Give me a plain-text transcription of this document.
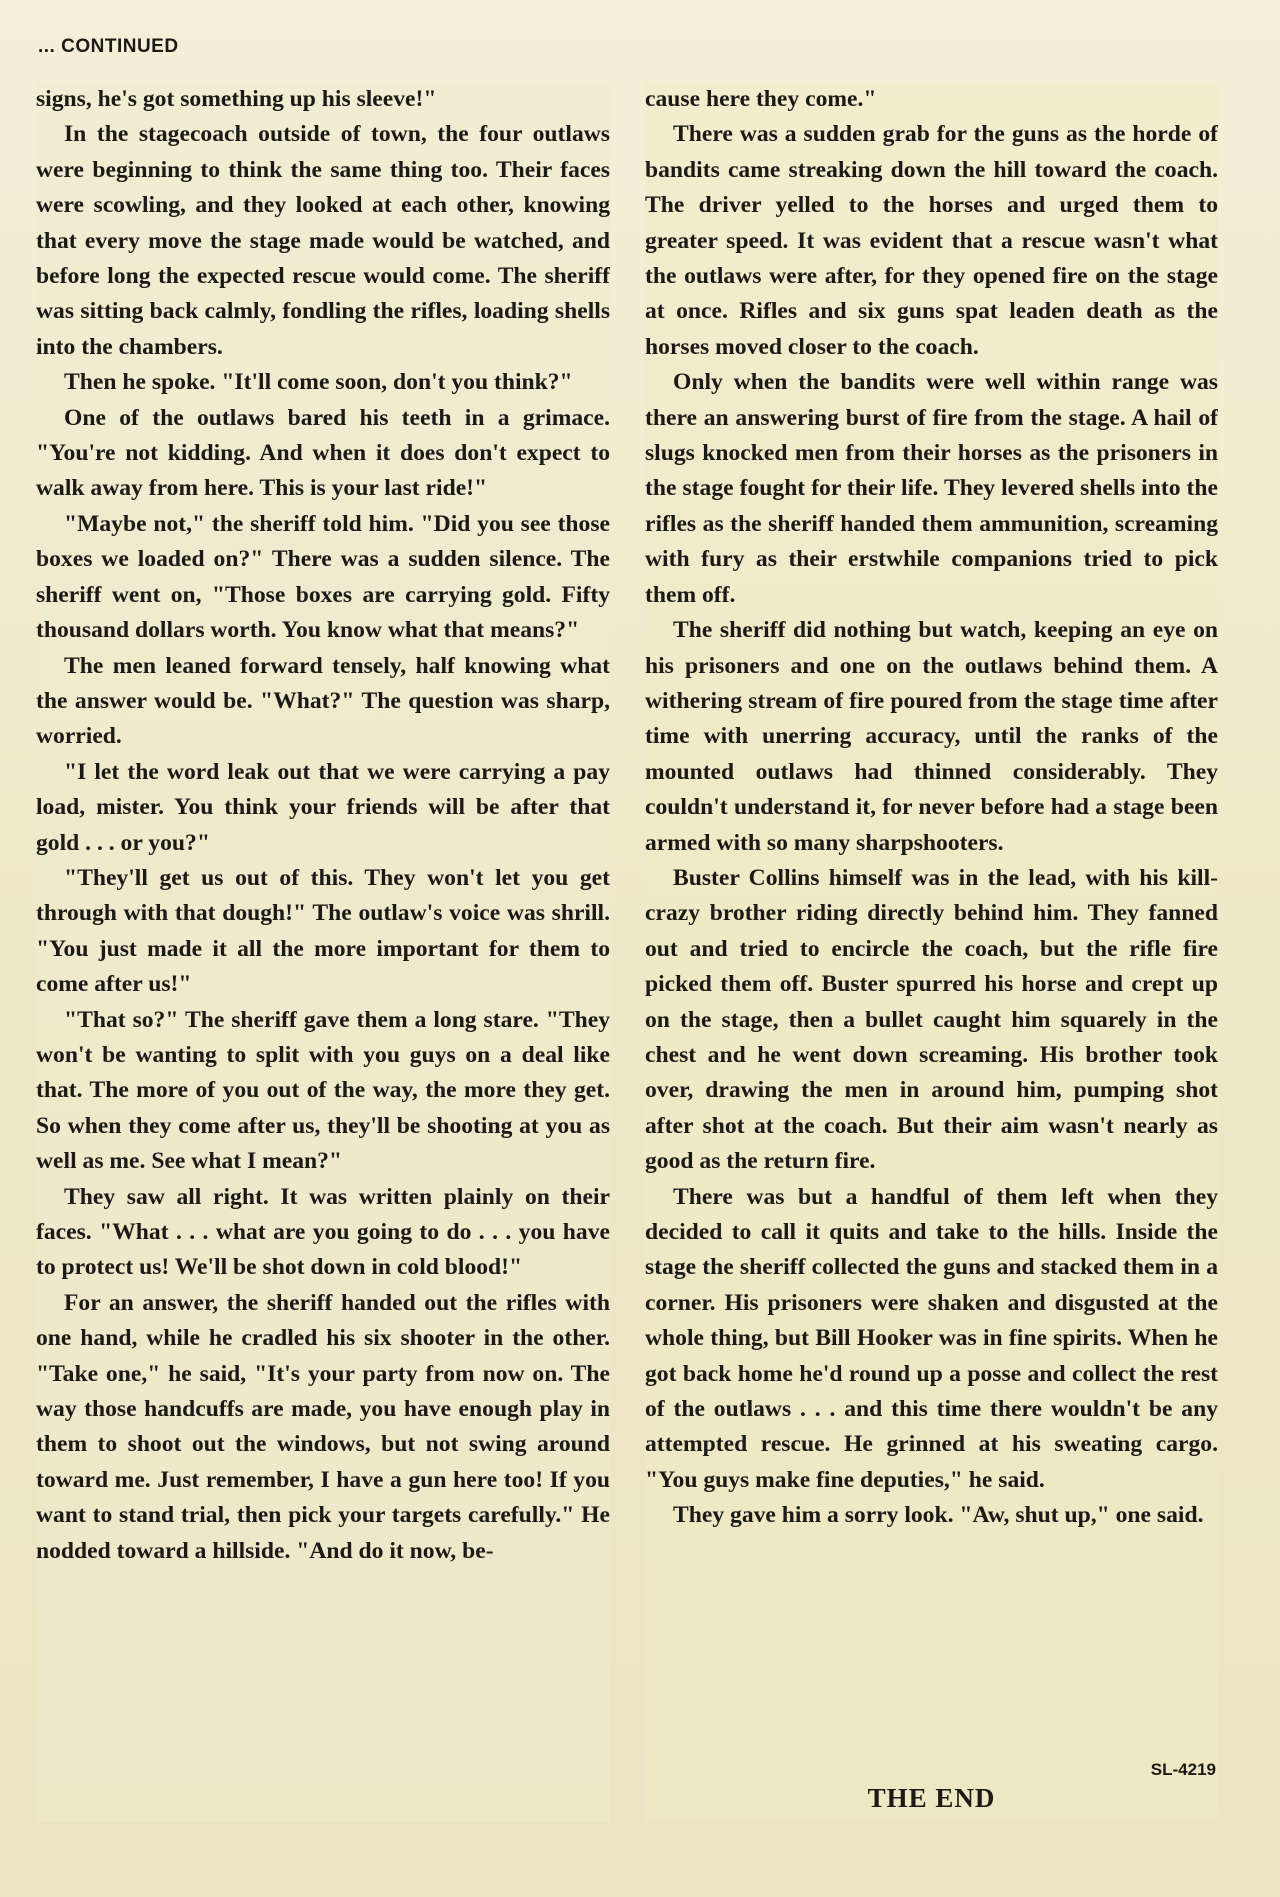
... CONTINUED

signs, he's got something up his sleeve!"

In the stagecoach outside of town, the four outlaws were beginning to think the same thing too. Their faces were scowling, and they looked at each other, knowing that every move the stage made would be watched, and before long the expected rescue would come. The sheriff was sitting back calmly, fondling the rifles, loading shells into the chambers.

Then he spoke. "It'll come soon, don't you think?"

One of the outlaws bared his teeth in a grimace. "You're not kidding. And when it does don't expect to walk away from here. This is your last ride!"

"Maybe not," the sheriff told him. "Did you see those boxes we loaded on?" There was a sudden silence. The sheriff went on, "Those boxes are carrying gold. Fifty thousand dollars worth. You know what that means?"

The men leaned forward tensely, half knowing what the answer would be. "What?" The question was sharp, worried.

"I let the word leak out that we were carrying a pay load, mister. You think your friends will be after that gold . . . or you?"

"They'll get us out of this. They won't let you get through with that dough!" The outlaw's voice was shrill. "You just made it all the more important for them to come after us!"

"That so?" The sheriff gave them a long stare. "They won't be wanting to split with you guys on a deal like that. The more of you out of the way, the more they get. So when they come after us, they'll be shooting at you as well as me. See what I mean?"

They saw all right. It was written plainly on their faces. "What . . . what are you going to do . . . you have to protect us! We'll be shot down in cold blood!"

For an answer, the sheriff handed out the rifles with one hand, while he cradled his six shooter in the other. "Take one," he said, "It's your party from now on. The way those handcuffs are made, you have enough play in them to shoot out the windows, but not swing around toward me. Just remember, I have a gun here too! If you want to stand trial, then pick your targets carefully." He nodded toward a hillside. "And do it now, be-

cause here they come."

There was a sudden grab for the guns as the horde of bandits came streaking down the hill toward the coach. The driver yelled to the horses and urged them to greater speed. It was evident that a rescue wasn't what the outlaws were after, for they opened fire on the stage at once. Rifles and six guns spat leaden death as the horses moved closer to the coach.

Only when the bandits were well within range was there an answering burst of fire from the stage. A hail of slugs knocked men from their horses as the prisoners in the stage fought for their life. They levered shells into the rifles as the sheriff handed them ammunition, screaming with fury as their erstwhile companions tried to pick them off.

The sheriff did nothing but watch, keeping an eye on his prisoners and one on the outlaws behind them. A withering stream of fire poured from the stage time after time with unerring accuracy, until the ranks of the mounted outlaws had thinned considerably. They couldn't understand it, for never before had a stage been armed with so many sharpshooters.

Buster Collins himself was in the lead, with his kill-crazy brother riding directly behind him. They fanned out and tried to encircle the coach, but the rifle fire picked them off. Buster spurred his horse and crept up on the stage, then a bullet caught him squarely in the chest and he went down screaming. His brother took over, drawing the men in around him, pumping shot after shot at the coach. But their aim wasn't nearly as good as the return fire.

There was but a handful of them left when they decided to call it quits and take to the hills. Inside the stage the sheriff collected the guns and stacked them in a corner. His prisoners were shaken and disgusted at the whole thing, but Bill Hooker was in fine spirits. When he got back home he'd round up a posse and collect the rest of the outlaws . . . and this time there wouldn't be any attempted rescue. He grinned at his sweating cargo. "You guys make fine deputies," he said.

They gave him a sorry look. "Aw, shut up," one said.

SL-4219
THE END
